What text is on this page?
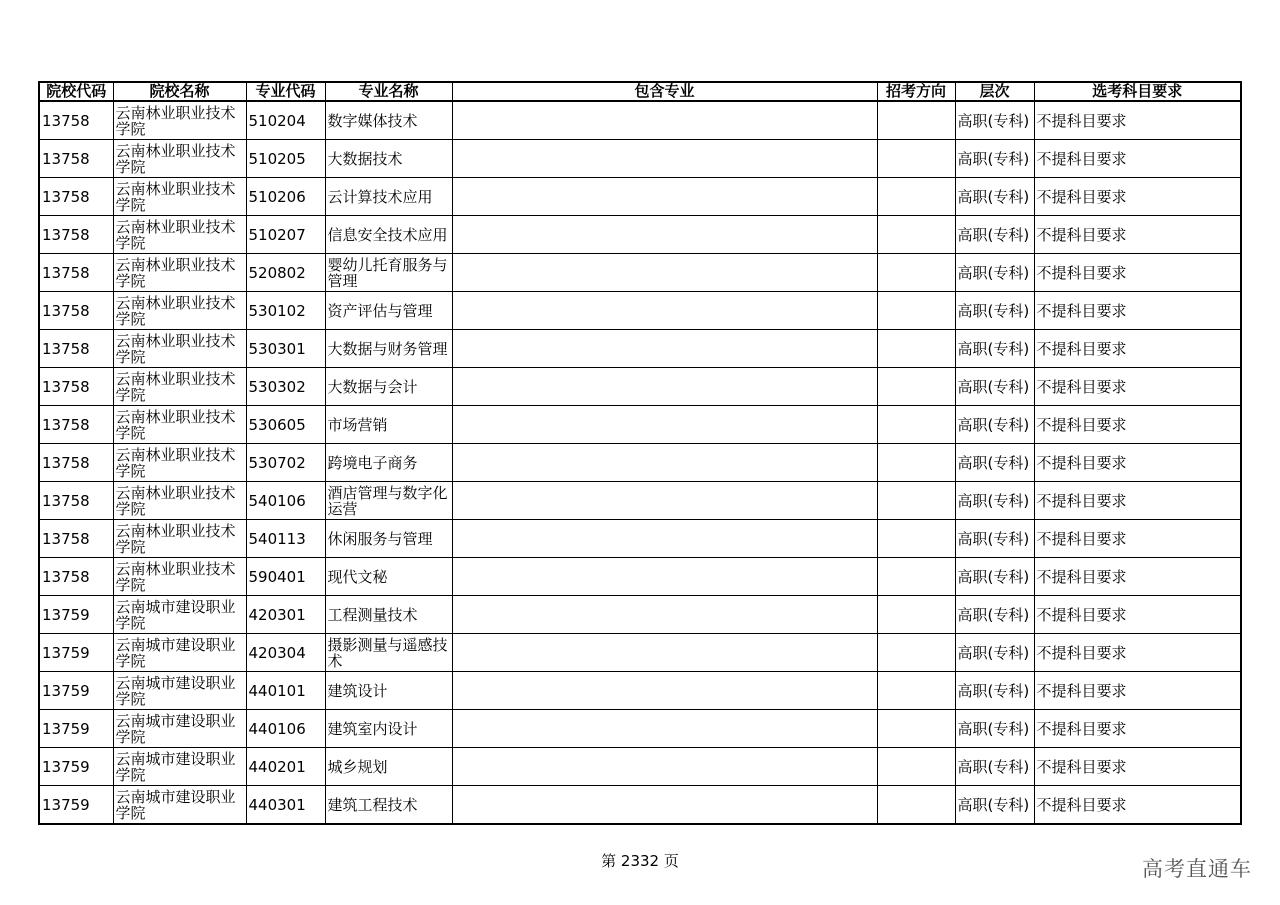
院校代码	院校名称	专业代码	专业名称	包含专业	招考方向	层次	选考科目要求
13758	云南林业职业技术学院	510204	数字媒体技术			高职(专科)	不提科目要求
13758	云南林业职业技术学院	510205	大数据技术			高职(专科)	不提科目要求
13758	云南林业职业技术学院	510206	云计算技术应用			高职(专科)	不提科目要求
13758	云南林业职业技术学院	510207	信息安全技术应用			高职(专科)	不提科目要求
13758	云南林业职业技术学院	520802	婴幼儿托育服务与管理			高职(专科)	不提科目要求
13758	云南林业职业技术学院	530102	资产评估与管理			高职(专科)	不提科目要求
13758	云南林业职业技术学院	530301	大数据与财务管理			高职(专科)	不提科目要求
13758	云南林业职业技术学院	530302	大数据与会计			高职(专科)	不提科目要求
13758	云南林业职业技术学院	530605	市场营销			高职(专科)	不提科目要求
13758	云南林业职业技术学院	530702	跨境电子商务			高职(专科)	不提科目要求
13758	云南林业职业技术学院	540106	酒店管理与数字化运营			高职(专科)	不提科目要求
13758	云南林业职业技术学院	540113	休闲服务与管理			高职(专科)	不提科目要求
13758	云南林业职业技术学院	590401	现代文秘			高职(专科)	不提科目要求
13759	云南城市建设职业学院	420301	工程测量技术			高职(专科)	不提科目要求
13759	云南城市建设职业学院	420304	摄影测量与遥感技术			高职(专科)	不提科目要求
13759	云南城市建设职业学院	440101	建筑设计			高职(专科)	不提科目要求
13759	云南城市建设职业学院	440106	建筑室内设计			高职(专科)	不提科目要求
13759	云南城市建设职业学院	440201	城乡规划			高职(专科)	不提科目要求
13759	云南城市建设职业学院	440301	建筑工程技术			高职(专科)	不提科目要求
第 2332 页	高考直通车
